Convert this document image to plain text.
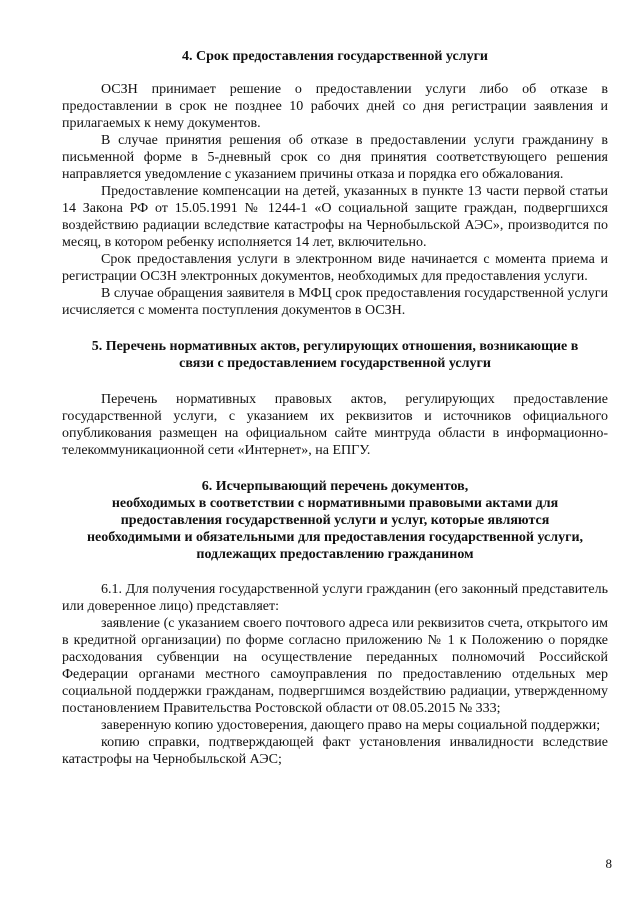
4. Срок предоставления государственной услуги

ОСЗН принимает решение о предоставлении услуги либо об отказе в предоставлении в срок не позднее 10 рабочих дней со дня регистрации заявления и прилагаемых к нему документов.

В случае принятия решения об отказе в предоставлении услуги гражданину в письменной форме в 5-дневный срок со дня принятия соответствующего решения направляется уведомление с указанием причины отказа и порядка его обжалования.

Предоставление компенсации на детей, указанных в пункте 13 части первой статьи 14 Закона РФ от 15.05.1991 № 1244-1 «О социальной защите граждан, подвергшихся воздействию радиации вследствие катастрофы на Чернобыльской АЭС», производится по месяц, в котором ребенку исполняется 14 лет, включительно.

Срок предоставления услуги в электронном виде начинается с момента приема и регистрации ОСЗН электронных документов, необходимых для предоставления услуги.

В случае обращения заявителя в МФЦ срок предоставления государственной услуги исчисляется с момента поступления документов в ОСЗН.

5. Перечень нормативных актов, регулирующих отношения, возникающие в
связи с предоставлением государственной услуги

Перечень нормативных правовых актов, регулирующих предоставление государственной услуги, с указанием их реквизитов и источников официального опубликования размещен на официальном сайте минтруда области в информационно-телекоммуникационной сети «Интернет», на ЕПГУ.

6. Исчерпывающий перечень документов,
необходимых в соответствии с нормативными правовыми актами для
предоставления государственной услуги и услуг, которые являются
необходимыми и обязательными для предоставления государственной услуги,
подлежащих предоставлению гражданином

6.1. Для получения государственной услуги гражданин (его законный представитель или доверенное лицо) представляет:

заявление (с указанием своего почтового адреса или реквизитов счета, открытого им в кредитной организации) по форме согласно приложению № 1 к Положению о порядке расходования субвенции на осуществление переданных полномочий Российской Федерации органами местного самоуправления по предоставлению отдельных мер социальной поддержки гражданам, подвергшимся воздействию радиации, утвержденному постановлением Правительства Ростовской области от 08.05.2015 № 333;

заверенную копию удостоверения, дающего право на меры социальной поддержки;

копию справки, подтверждающей факт установления инвалидности вследствие катастрофы на Чернобыльской АЭС;

8
